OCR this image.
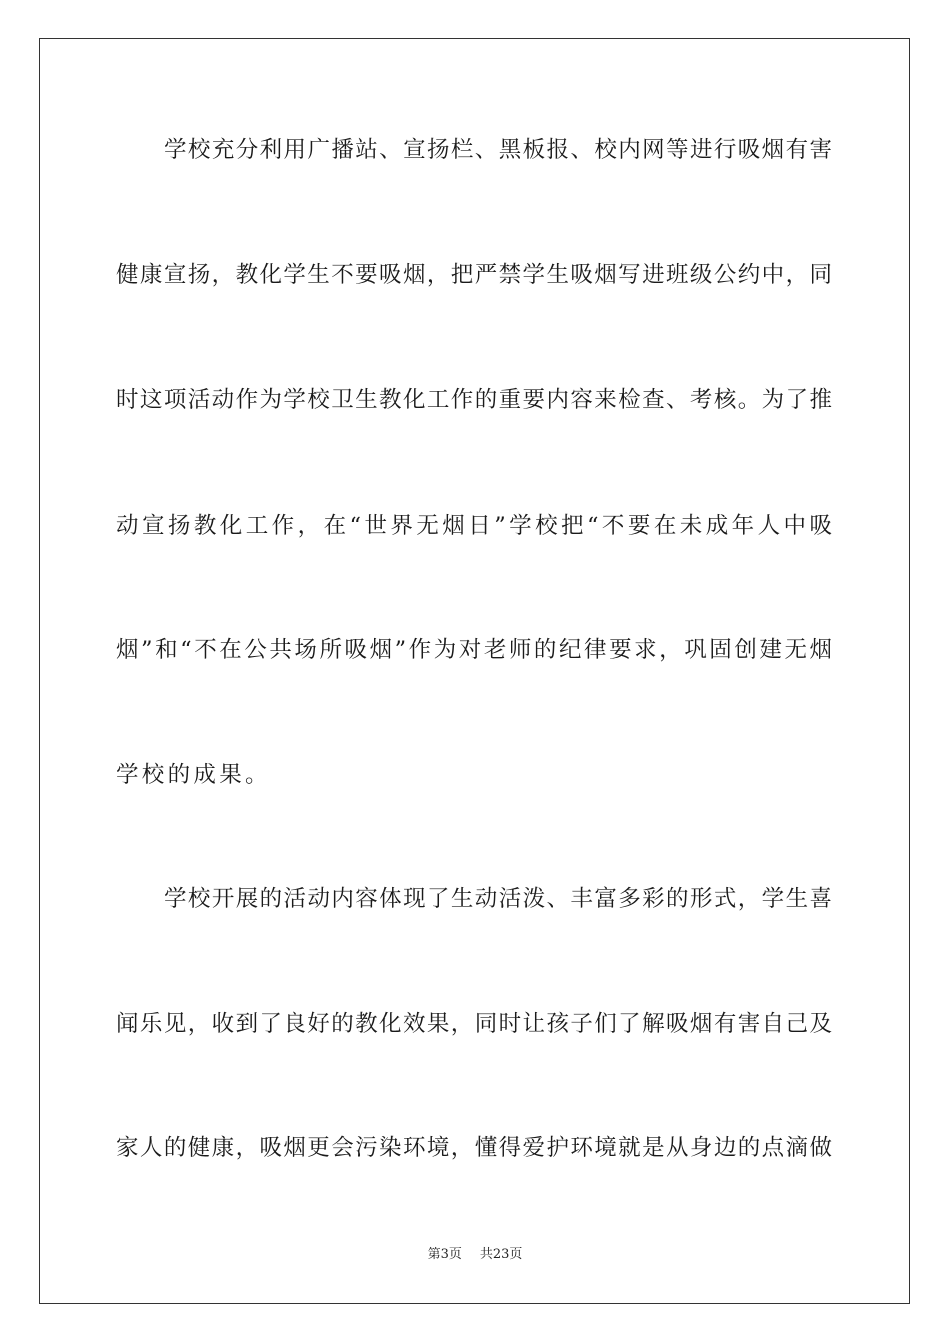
学校充分利用广播站、宣扬栏、黑板报、校内网等进行吸烟有害
健康宣扬，教化学生不要吸烟，把严禁学生吸烟写进班级公约中，同
时这项活动作为学校卫生教化工作的重要内容来检查、考核。为了推
动宣扬教化工作，在“世界无烟日”学校把“不要在未成年人中吸
烟”和“不在公共场所吸烟”作为对老师的纪律要求，巩固创建无烟
学校的成果。
学校开展的活动内容体现了生动活泼、丰富多彩的形式，学生喜
闻乐见，收到了良好的教化效果，同时让孩子们了解吸烟有害自己及
家人的健康，吸烟更会污染环境，懂得爱护环境就是从身边的点滴做
第3页 共23页
